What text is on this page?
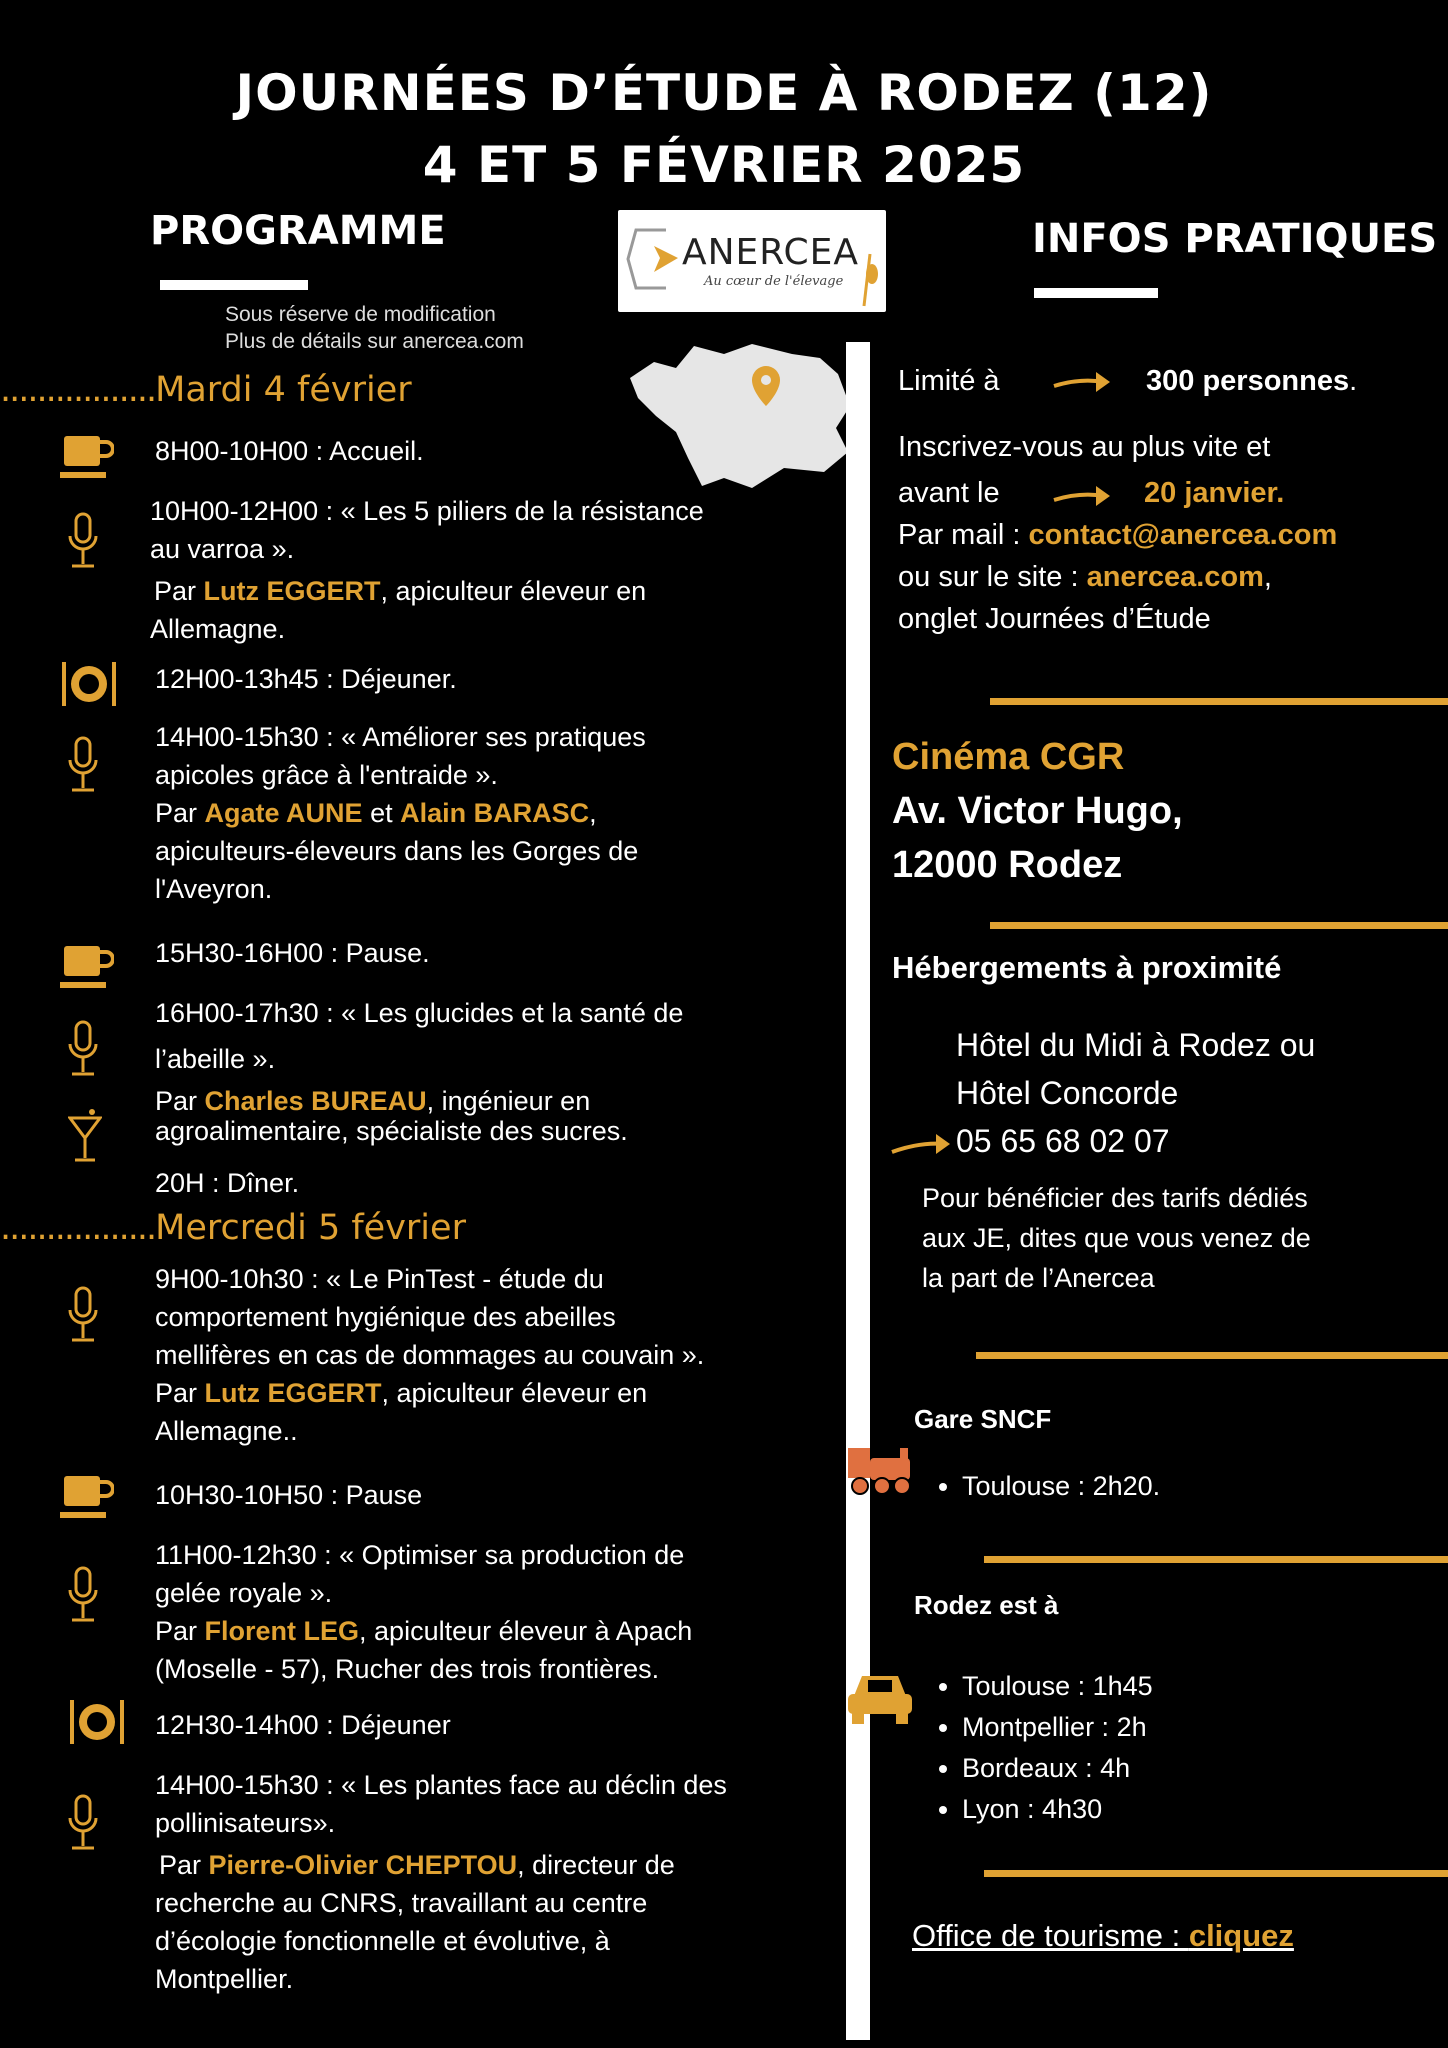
JOURNÉES D’ÉTUDE À RODEZ (12)
4 ET 5 FÉVRIER 2025
PROGRAMME
Sous réserve de modification
Plus de détails sur anercea.com
ANERCEA
Au cœur de l'élevage
INFOS PRATIQUES
.................Mardi 4 février
8H00-10H00 : Accueil.
10H00-12H00 : « Les 5 piliers de la résistance
au varroa ».
Par Lutz EGGERT, apiculteur éleveur en
Allemagne.
12H00-13h45 : Déjeuner.
14H00-15h30 : « Améliorer ses pratiques
apicoles grâce à l'entraide ».
Par Agate AUNE et Alain BARASC,
apiculteurs-éleveurs dans les Gorges de
l'Aveyron.
15H30-16H00 : Pause.
16H00-17h30 : « Les glucides et la santé de
l’abeille ».
Par Charles BUREAU, ingénieur en
agroalimentaire, spécialiste des sucres.
20H : Dîner.
.................Mercredi 5 février
9H00-10h30 : « Le PinTest - étude du
comportement hygiénique des abeilles
mellifères en cas de dommages au couvain ».
Par Lutz EGGERT, apiculteur éleveur en
Allemagne..
10H30-10H50 : Pause
11H00-12h30 : « Optimiser sa production de
gelée royale ».
Par Florent LEG, apiculteur éleveur à Apach
(Moselle - 57), Rucher des trois frontières.
12H30-14h00 : Déjeuner
14H00-15h30 : « Les plantes face au déclin des
pollinisateurs».
Par Pierre-Olivier CHEPTOU, directeur de
recherche au CNRS, travaillant au centre
d’écologie fonctionnelle et évolutive, à
Montpellier.
Limité à	300 personnes.
Inscrivez-vous au plus vite et
avant le	20 janvier.
Par mail : contact@anercea.com
ou sur le site : anercea.com,
onglet Journées d’Étude
Cinéma CGR
Av. Victor Hugo,
12000 Rodez
Hébergements à proximité
Hôtel du Midi à Rodez ou
Hôtel Concorde
05 65 68 02 07
Pour bénéficier des tarifs dédiés
aux JE, dites que vous venez de
la part de l’Anercea
Gare SNCF
• Toulouse : 2h20.
Rodez est à
• Toulouse : 1h45
• Montpellier : 2h
• Bordeaux : 4h
• Lyon : 4h30
Office de tourisme : cliquez
